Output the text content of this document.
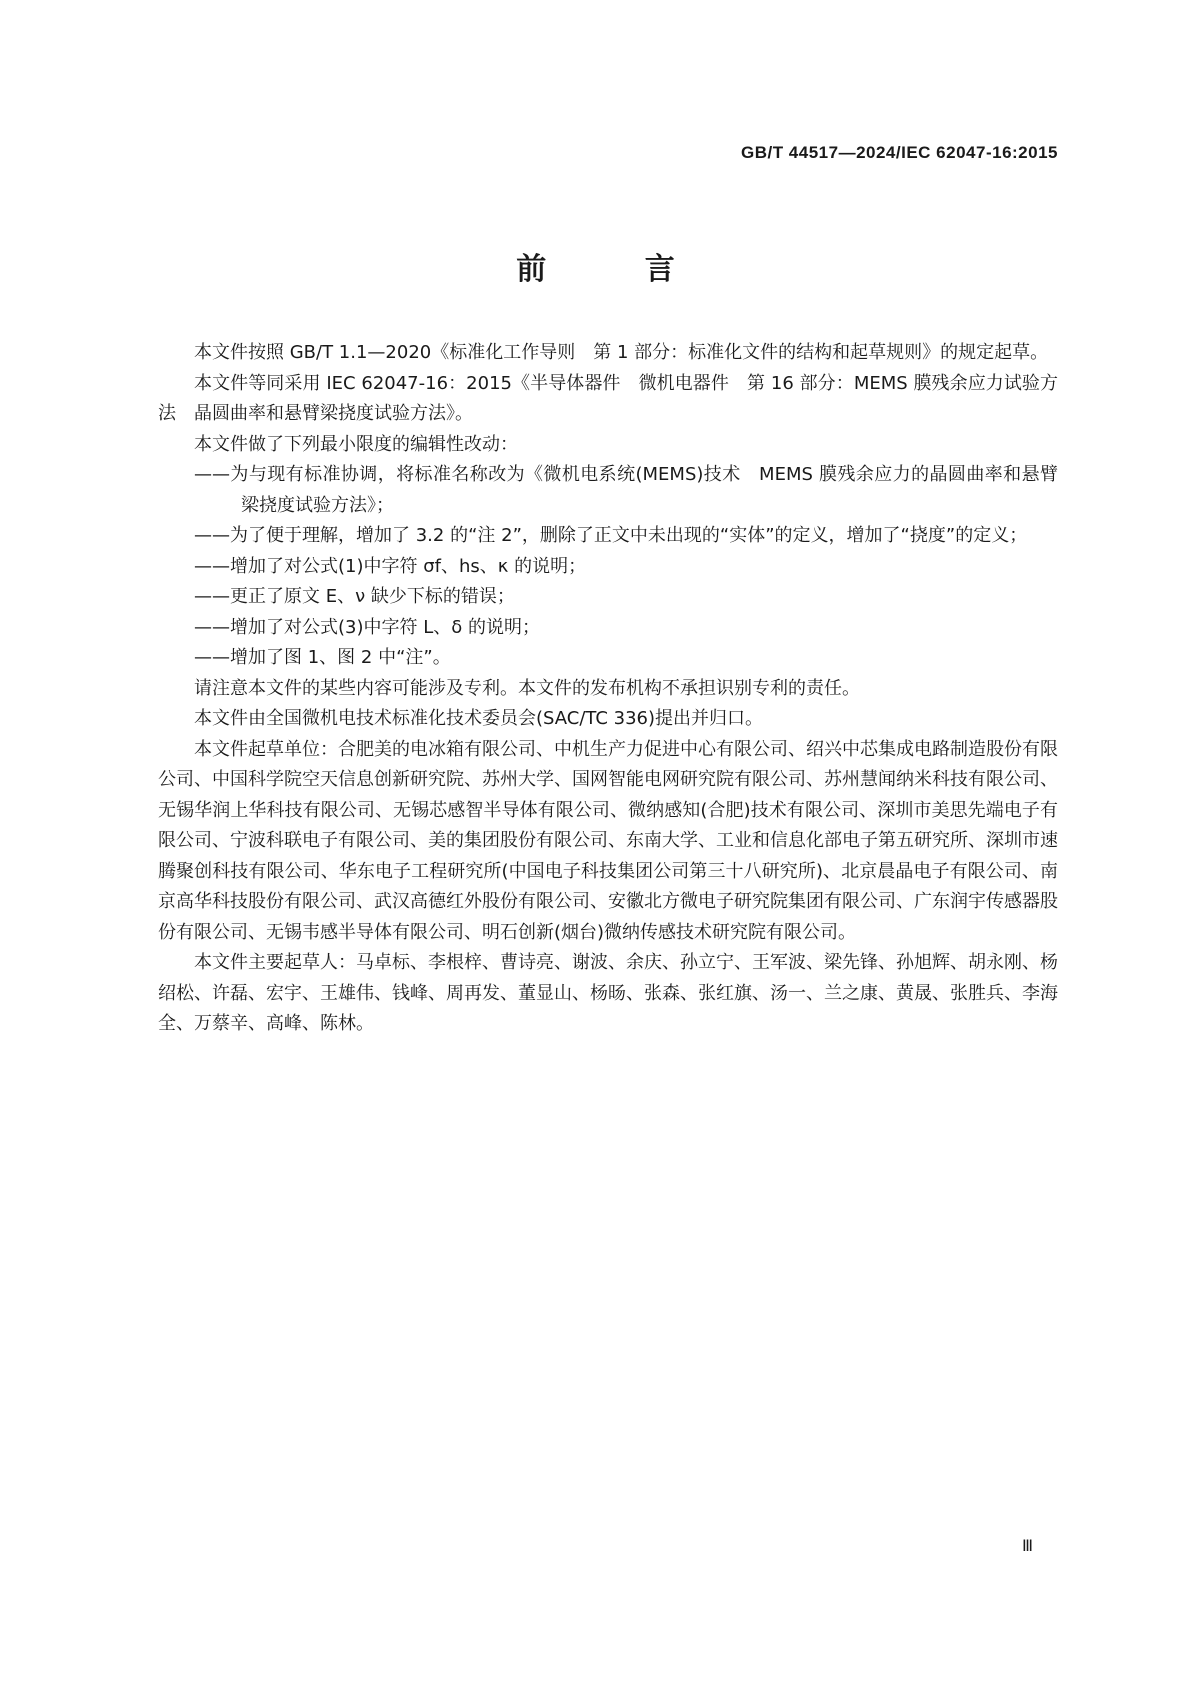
GB/T 44517—2024/IEC 62047-16:2015
前 言

本文件按照 GB/T 1.1—2020《标准化工作导则　第 1 部分：标准化文件的结构和起草规则》的规定起草。

本文件等同采用 IEC 62047-16：2015《半导体器件　微机电器件　第 16 部分：MEMS 膜残余应力试验方法　晶圆曲率和悬臂梁挠度试验方法》。

本文件做了下列最小限度的编辑性改动：

——为与现有标准协调，将标准名称改为《微机电系统(MEMS)技术　MEMS 膜残余应力的晶圆曲率和悬臂梁挠度试验方法》；

——为了便于理解，增加了 3.2 的“注 2”，删除了正文中未出现的“实体”的定义，增加了“挠度”的定义；

——增加了对公式(1)中字符 σf、hs、κ 的说明；

——更正了原文 E、ν 缺少下标的错误；

——增加了对公式(3)中字符 L、δ 的说明；

——增加了图 1、图 2 中“注”。

请注意本文件的某些内容可能涉及专利。本文件的发布机构不承担识别专利的责任。

本文件由全国微机电技术标准化技术委员会(SAC/TC 336)提出并归口。

本文件起草单位：合肥美的电冰箱有限公司、中机生产力促进中心有限公司、绍兴中芯集成电路制造股份有限公司、中国科学院空天信息创新研究院、苏州大学、国网智能电网研究院有限公司、苏州慧闻纳米科技有限公司、无锡华润上华科技有限公司、无锡芯感智半导体有限公司、微纳感知(合肥)技术有限公司、深圳市美思先端电子有限公司、宁波科联电子有限公司、美的集团股份有限公司、东南大学、工业和信息化部电子第五研究所、深圳市速腾聚创科技有限公司、华东电子工程研究所(中国电子科技集团公司第三十八研究所)、北京晨晶电子有限公司、南京高华科技股份有限公司、武汉高德红外股份有限公司、安徽北方微电子研究院集团有限公司、广东润宇传感器股份有限公司、无锡韦感半导体有限公司、明石创新(烟台)微纳传感技术研究院有限公司。

本文件主要起草人：马卓标、李根梓、曹诗亮、谢波、余庆、孙立宁、王军波、梁先锋、孙旭辉、胡永刚、杨绍松、许磊、宏宇、王雄伟、钱峰、周再发、董显山、杨旸、张森、张红旗、汤一、兰之康、黄晟、张胜兵、李海全、万蔡辛、高峰、陈林。

Ⅲ
